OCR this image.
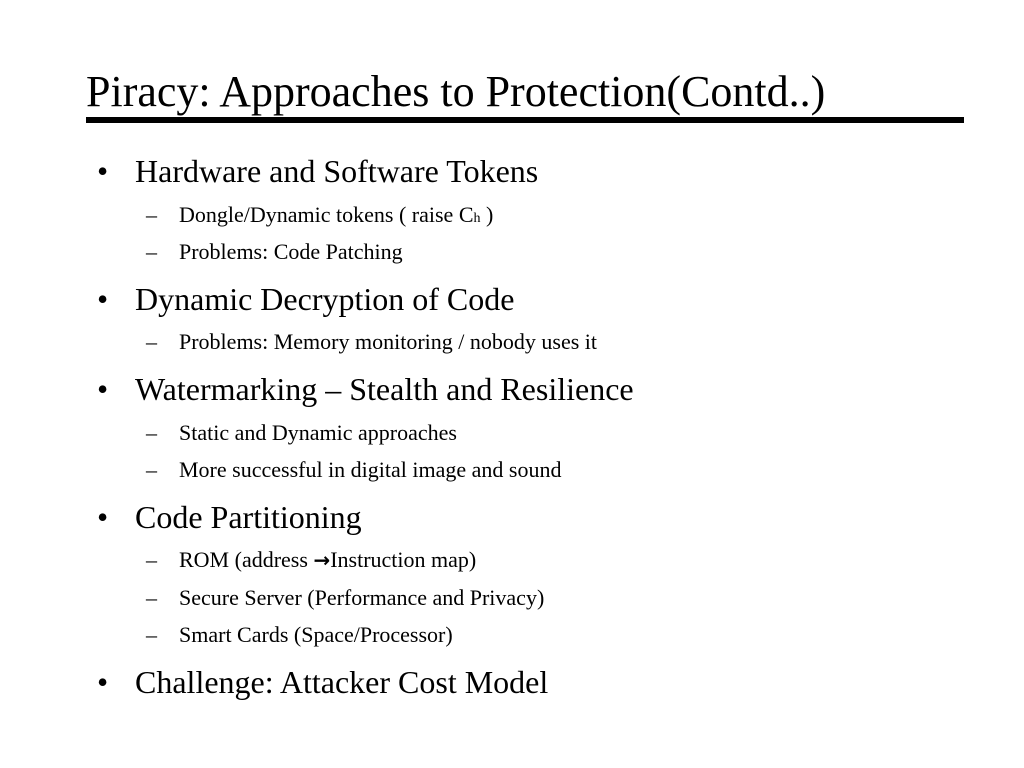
Piracy: Approaches to Protection(Contd..)
• Hardware and Software Tokens
– Dongle/Dynamic tokens ( raise Ch )
– Problems: Code Patching
• Dynamic Decryption of Code
– Problems: Memory monitoring / nobody uses it
• Watermarking – Stealth and Resilience
– Static and Dynamic approaches
– More successful in digital image and sound
• Code Partitioning
– ROM (address →Instruction map)
– Secure Server (Performance and Privacy)
– Smart Cards (Space/Processor)
• Challenge: Attacker Cost Model
